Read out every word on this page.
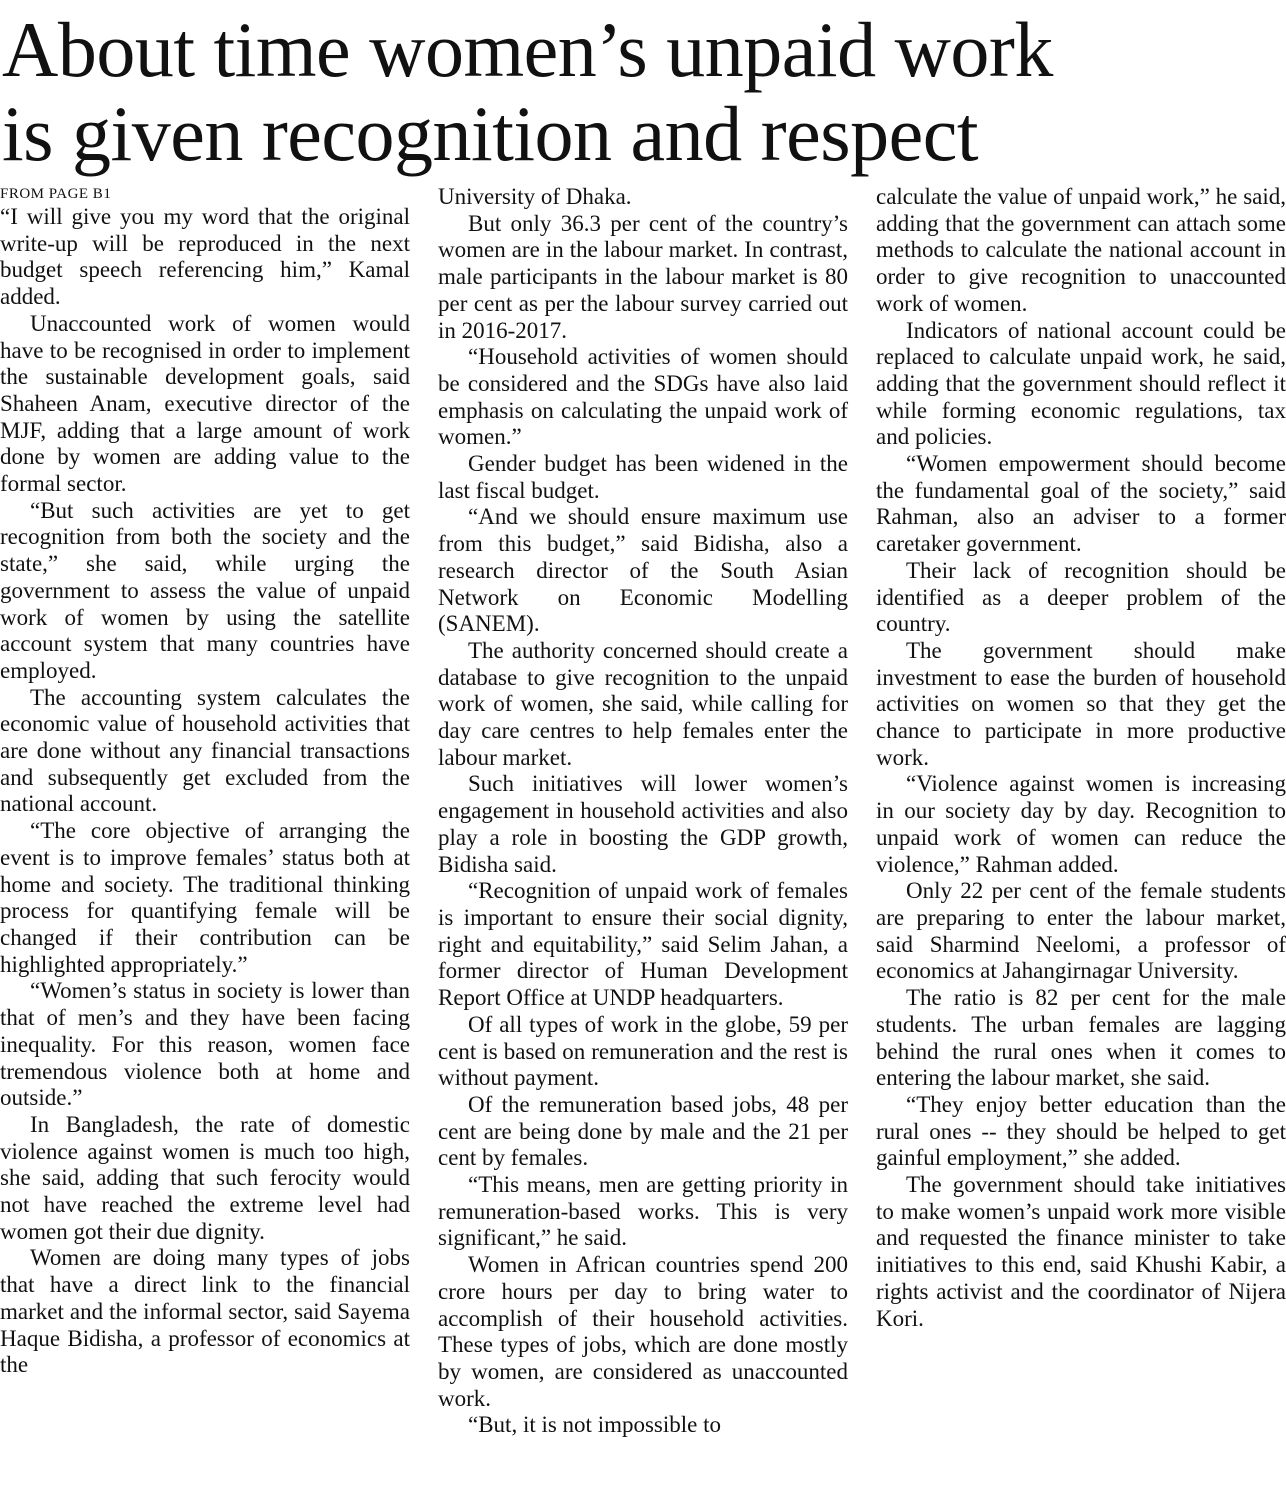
About time women’s unpaid work
is given recognition and respect

FROM PAGE B1

“I will give you my word that the original write-up will be reproduced in the next budget speech referencing him,” Kamal added.

Unaccounted work of women would have to be recognised in order to implement the sustainable development goals, said Shaheen Anam, executive director of the MJF, adding that a large amount of work done by women are adding value to the formal sector.

“But such activities are yet to get recognition from both the society and the state,” she said, while urging the government to assess the value of unpaid work of women by using the satellite account system that many countries have employed.

The accounting system calculates the economic value of household activities that are done without any financial transactions and subsequently get excluded from the national account.

“The core objective of arranging the event is to improve females’ status both at home and society. The traditional thinking process for quantifying female will be changed if their contribution can be highlighted appropriately.”

“Women’s status in society is lower than that of men’s and they have been facing inequality. For this reason, women face tremendous violence both at home and outside.”

In Bangladesh, the rate of domestic violence against women is much too high, she said, adding that such ferocity would not have reached the extreme level had women got their due dignity.

Women are doing many types of jobs that have a direct link to the financial market and the informal sector, said Sayema Haque Bidisha, a professor of economics at the

University of Dhaka.

But only 36.3 per cent of the country’s women are in the labour market. In contrast, male participants in the labour market is 80 per cent as per the labour survey carried out in 2016-2017.

“Household activities of women should be considered and the SDGs have also laid emphasis on calculating the unpaid work of women.”

Gender budget has been widened in the last fiscal budget.

“And we should ensure maximum use from this budget,” said Bidisha, also a research director of the South Asian Network on Economic Modelling (SANEM).

The authority concerned should create a database to give recognition to the unpaid work of women, she said, while calling for day care centres to help females enter the labour market.

Such initiatives will lower women’s engagement in household activities and also play a role in boosting the GDP growth, Bidisha said.

“Recognition of unpaid work of females is important to ensure their social dignity, right and equitability,” said Selim Jahan, a former director of Human Development Report Office at UNDP headquarters.

Of all types of work in the globe, 59 per cent is based on remuneration and the rest is without payment.

Of the remuneration based jobs, 48 per cent are being done by male and the 21 per cent by females.

“This means, men are getting priority in remuneration-based works. This is very significant,” he said.

Women in African countries spend 200 crore hours per day to bring water to accomplish of their household activities. These types of jobs, which are done mostly by women, are considered as unaccounted work.

“But, it is not impossible to

calculate the value of unpaid work,” he said, adding that the government can attach some methods to calculate the national account in order to give recognition to unaccounted work of women.

Indicators of national account could be replaced to calculate unpaid work, he said, adding that the government should reflect it while forming economic regulations, tax and policies.

“Women empowerment should become the fundamental goal of the society,” said Rahman, also an adviser to a former caretaker government.

Their lack of recognition should be identified as a deeper problem of the country.

The government should make investment to ease the burden of household activities on women so that they get the chance to participate in more productive work.

“Violence against women is increasing in our society day by day. Recognition to unpaid work of women can reduce the violence,” Rahman added.

Only 22 per cent of the female students are preparing to enter the labour market, said Sharmind Neelomi, a professor of economics at Jahangirnagar University.

The ratio is 82 per cent for the male students. The urban females are lagging behind the rural ones when it comes to entering the labour market, she said.

“They enjoy better education than the rural ones -- they should be helped to get gainful employment,” she added.

The government should take initiatives to make women’s unpaid work more visible and requested the finance minister to take initiatives to this end, said Khushi Kabir, a rights activist and the coordinator of Nijera Kori.
